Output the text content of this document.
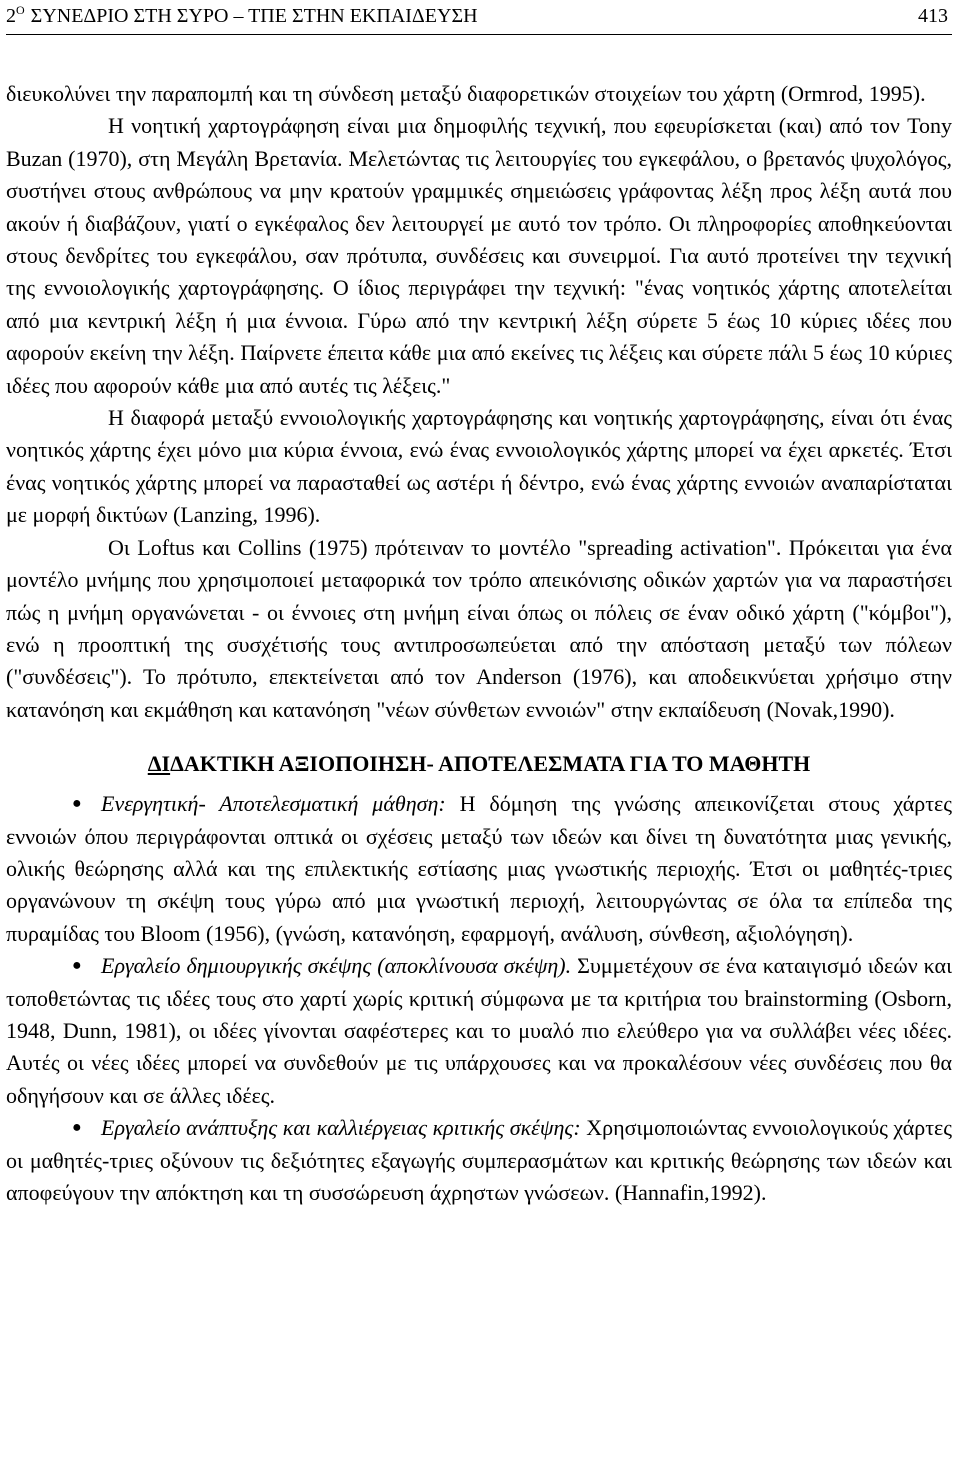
$2^O$ ΣΥΝΕΔΡΙΟ ΣΤΗ ΣΥΡΟ – ΤΠΕ ΣΤΗΝ ΕΚΠΑΙΔΕΥΣΗ	413

διευκολύνει την παραπομπή και τη σύνδεση μεταξύ διαφορετικών στοιχείων του χάρτη (Ormrod, 1995).

Η νοητική χαρτογράφηση είναι μια δημοφιλής τεχνική, που εφευρίσκεται (και) από τον Tony Buzan (1970), στη Μεγάλη Βρετανία. Μελετώντας τις λειτουργίες του εγκεφάλου, ο βρετανός ψυχολόγος, συστήνει στους ανθρώπους να μην κρατούν γραμμικές σημειώσεις γράφοντας λέξη προς λέξη αυτά που ακούν ή διαβάζουν, γιατί ο εγκέφαλος δεν λειτουργεί με αυτό τον τρόπο. Οι πληροφορίες αποθηκεύονται στους δενδρίτες του εγκεφάλου, σαν πρότυπα, συνδέσεις και συνειρμοί. Για αυτό προτείνει την τεχνική της εννοιολογικής χαρτογράφησης. Ο ίδιος περιγράφει την τεχνική: "ένας νοητικός χάρτης αποτελείται από μια κεντρική λέξη ή μια έννοια. Γύρω από την κεντρική λέξη σύρετε 5 έως 10 κύριες ιδέες που αφορούν εκείνη την λέξη. Παίρνετε έπειτα κάθε μια από εκείνες τις λέξεις και σύρετε πάλι 5 έως 10 κύριες ιδέες που αφορούν κάθε μια από αυτές τις λέξεις."

Η διαφορά μεταξύ εννοιολογικής χαρτογράφησης και νοητικής χαρτογράφησης, είναι ότι ένας νοητικός χάρτης έχει μόνο μια κύρια έννοια, ενώ ένας εννοιολογικός χάρτης μπορεί να έχει αρκετές. Έτσι ένας νοητικός χάρτης μπορεί να παρασταθεί ως αστέρι ή δέντρο, ενώ ένας χάρτης εννοιών αναπαρίσταται με μορφή δικτύων (Lanzing, 1996).

Οι Loftus και Collins (1975) πρότειναν το μοντέλο "spreading activation". Πρόκειται για ένα μοντέλο μνήμης που χρησιμοποιεί μεταφορικά τον τρόπο απεικόνισης οδικών χαρτών για να παραστήσει πώς η μνήμη οργανώνεται - οι έννοιες στη μνήμη είναι όπως οι πόλεις σε έναν οδικό χάρτη ("κόμβοι"), ενώ η προοπτική της συσχέτισής τους αντιπροσωπεύεται από την απόσταση μεταξύ των πόλεων ("συνδέσεις"). Το πρότυπο, επεκτείνεται από τον Anderson (1976), και αποδεικνύεται χρήσιμο στην κατανόηση και εκμάθηση και κατανόηση "νέων σύνθετων εννοιών" στην εκπαίδευση (Novak,1990).

ΔΙΔΑΚΤΙΚΗ ΑΞΙΟΠΟΙΗΣΗ- ΑΠΟΤΕΛΕΣΜΑΤΑ ΓΙΑ ΤΟ ΜΑΘΗΤΗ
● Ενεργητική- Αποτελεσματική μάθηση: Η δόμηση της γνώσης απεικονίζεται στους χάρτες εννοιών όπου περιγράφονται οπτικά οι σχέσεις μεταξύ των ιδεών και δίνει τη δυνατότητα μιας γενικής, ολικής θεώρησης αλλά και της επιλεκτικής εστίασης μιας γνωστικής περιοχής. Έτσι οι μαθητές-τριες οργανώνουν τη σκέψη τους γύρω από μια γνωστική περιοχή, λειτουργώντας σε όλα τα επίπεδα της πυραμίδας του Bloom (1956), (γνώση, κατανόηση, εφαρμογή, ανάλυση, σύνθεση, αξιολόγηση).
● Εργαλείο δημιουργικής σκέψης (αποκλίνουσα σκέψη). Συμμετέχουν σε ένα καταιγισμό ιδεών και τοποθετώντας τις ιδέες τους στο χαρτί χωρίς κριτική σύμφωνα με τα κριτήρια του brainstorming (Osborn, 1948, Dunn, 1981), οι ιδέες γίνονται σαφέστερες και το μυαλό πιο ελεύθερο για να συλλάβει νέες ιδέες. Αυτές οι νέες ιδέες μπορεί να συνδεθούν με τις υπάρχουσες και να προκαλέσουν νέες συνδέσεις που θα οδηγήσουν και σε άλλες ιδέες.
● Εργαλείο ανάπτυξης και καλλιέργειας κριτικής σκέψης: Χρησιμοποιώντας εννοιολογικούς χάρτες οι μαθητές-τριες οξύνουν τις δεξιότητες εξαγωγής συμπερασμάτων και κριτικής θεώρησης των ιδεών και αποφεύγουν την απόκτηση και τη συσσώρευση άχρηστων γνώσεων. (Hannafin,1992).
